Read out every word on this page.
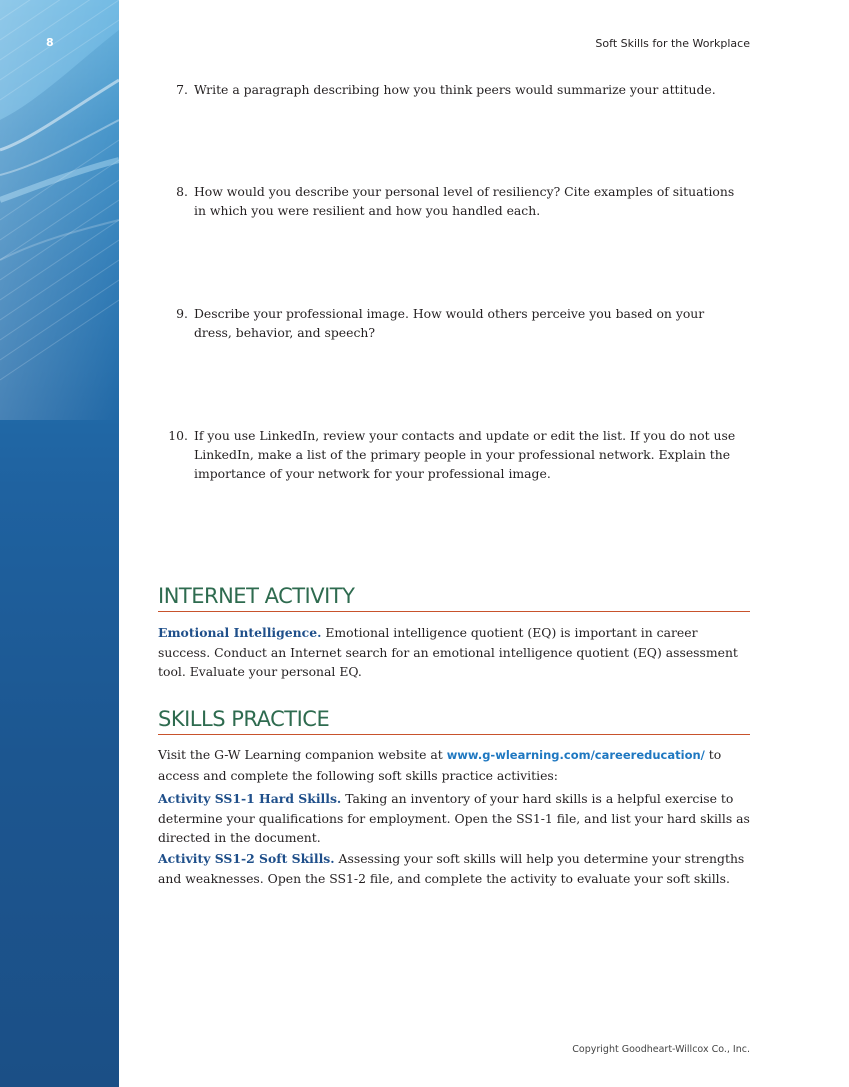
8	Soft Skills for the Workplace
7. Write a paragraph describing how you think peers would summarize your attitude.
8. How would you describe your personal level of resiliency? Cite examples of situations in which you were resilient and how you handled each.
9. Describe your professional image. How would others perceive you based on your dress, behavior, and speech?
10. If you use LinkedIn, review your contacts and update or edit the list. If you do not use LinkedIn, make a list of the primary people in your professional network. Explain the importance of your network for your professional image.
INTERNET ACTIVITY
Emotional Intelligence. Emotional intelligence quotient (EQ) is important in career success. Conduct an Internet search for an emotional intelligence quotient (EQ) assessment tool. Evaluate your personal EQ.
SKILLS PRACTICE
Visit the G-W Learning companion website at www.g-wlearning.com/careereducation/ to access and complete the following soft skills practice activities:
Activity SS1-1 Hard Skills. Taking an inventory of your hard skills is a helpful exercise to determine your qualifications for employment. Open the SS1-1 file, and list your hard skills as directed in the document.
Activity SS1-2 Soft Skills. Assessing your soft skills will help you determine your strengths and weaknesses. Open the SS1-2 file, and complete the activity to evaluate your soft skills.
Copyright Goodheart-Willcox Co., Inc.
